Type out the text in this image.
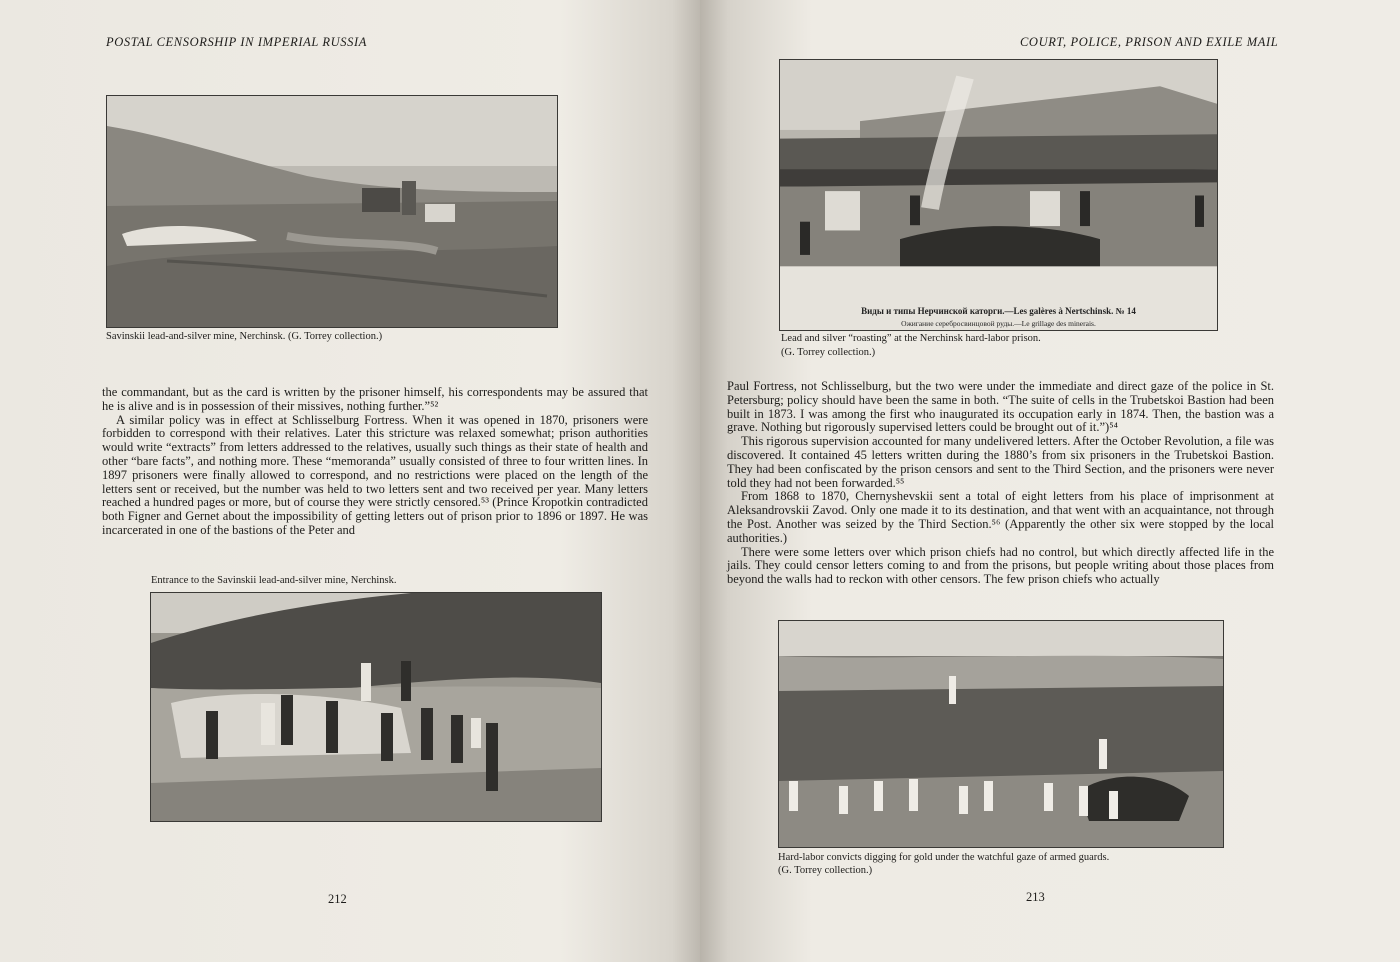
POSTAL CENSORSHIP IN IMPERIAL RUSSIA
Savinskii lead-and-silver mine, Nerchinsk. (G. Torrey collection.)

the commandant, but as the card is written by the prisoner himself, his correspondents may be assured that he is alive and is in possession of their missives, nothing further.”⁵²

A similar policy was in effect at Schlisselburg Fortress. When it was opened in 1870, prisoners were forbidden to correspond with their relatives. Later this stricture was relaxed somewhat; prison authorities would write “extracts” from letters addressed to the relatives, usually such things as their state of health and other “bare facts”, and nothing more. These “memoranda” usually consisted of three to four written lines. In 1897 prisoners were finally allowed to correspond, and no restrictions were placed on the length of the letters sent or received, but the number was held to two letters sent and two received per year. Many letters reached a hundred pages or more, but of course they were strictly censored.⁵³ (Prince Kropotkin contradicted both Figner and Gernet about the impossibility of getting letters out of prison prior to 1896 or 1897. He was incarcerated in one of the bastions of the Peter and

Entrance to the Savinskii lead-and-silver mine, Nerchinsk.
212
COURT, POLICE, PRISON AND EXILE MAIL
Виды и типы Нерчинской каторги.—Les galères à Nertschinsk. № 14
Ожигание серебросвинцовой руды.—Le grillage des minerais.
Lead and silver “roasting” at the Nerchinsk hard-labor prison.
(G. Torrey collection.)

Paul Fortress, not Schlisselburg, but the two were under the immediate and direct gaze of the police in St. Petersburg; policy should have been the same in both. “The suite of cells in the Trubetskoi Bastion had been built in 1873. I was among the first who inaugurated its occupation early in 1874. Then, the bastion was a grave. Nothing but rigorously supervised letters could be brought out of it.”)⁵⁴

This rigorous supervision accounted for many undelivered letters. After the October Revolution, a file was discovered. It contained 45 letters written during the 1880’s from six prisoners in the Trubetskoi Bastion. They had been confiscated by the prison censors and sent to the Third Section, and the prisoners were never told they had not been forwarded.⁵⁵

From 1868 to 1870, Chernyshevskii sent a total of eight letters from his place of imprisonment at Aleksandrovskii Zavod. Only one made it to its destination, and that went with an acquaintance, not through the Post. Another was seized by the Third Section.⁵⁶ (Apparently the other six were stopped by the local authorities.)

There were some letters over which prison chiefs had no control, but which directly affected life in the jails. They could censor letters coming to and from the prisons, but people writing about those places from beyond the walls had to reckon with other censors. The few prison chiefs who actually

Hard-labor convicts digging for gold under the watchful gaze of armed guards.
(G. Torrey collection.)
213
